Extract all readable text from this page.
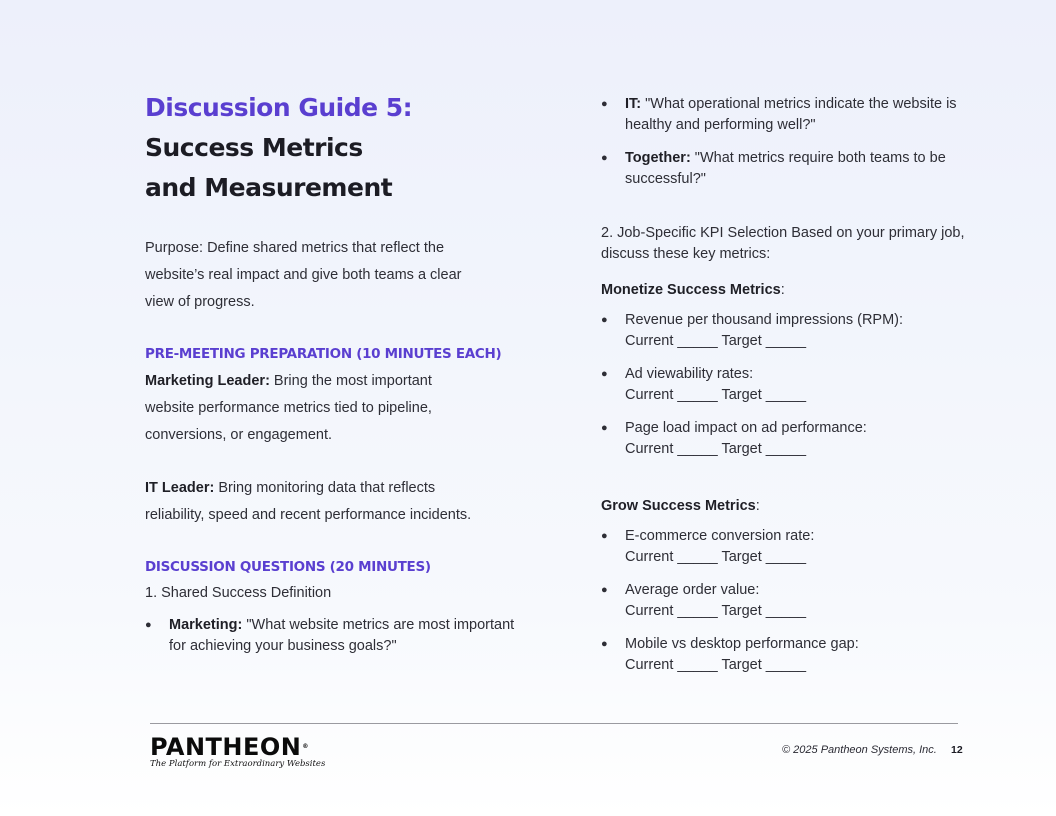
Discussion Guide 5:
Success Metrics
and Measurement

Purpose: Define shared metrics that reflect the

website’s real impact and give both teams a clear

view of progress.

PRE-MEETING PREPARATION (10 MINUTES EACH)

Marketing Leader: Bring the most important

website performance metrics tied to pipeline,

conversions, or engagement.

IT Leader: Bring monitoring data that reflects

reliability, speed and recent performance incidents.

DISCUSSION QUESTIONS (20 MINUTES)

1. Shared Success Definition

●	Marketing: "What website metrics are most important for achieving your business goals?"
●	IT: "What operational metrics indicate the website is healthy and performing well?"
●	Together: "What metrics require both teams to be successful?"

2. Job-Specific KPI Selection Based on your primary job, discuss these key metrics:

Monetize Success Metrics:

●	Revenue per thousand impressions (RPM):
Current _____ Target _____
●	Ad viewability rates:
Current _____ Target _____
●	Page load impact on ad performance:
Current _____ Target _____

Grow Success Metrics:

●	E-commerce conversion rate:
Current _____ Target _____
●	Average order value:
Current _____ Target _____
●	Mobile vs desktop performance gap:
Current _____ Target _____
PANTHEON®
The Platform for Extraordinary Websites
© 2025 Pantheon Systems, Inc. 12
